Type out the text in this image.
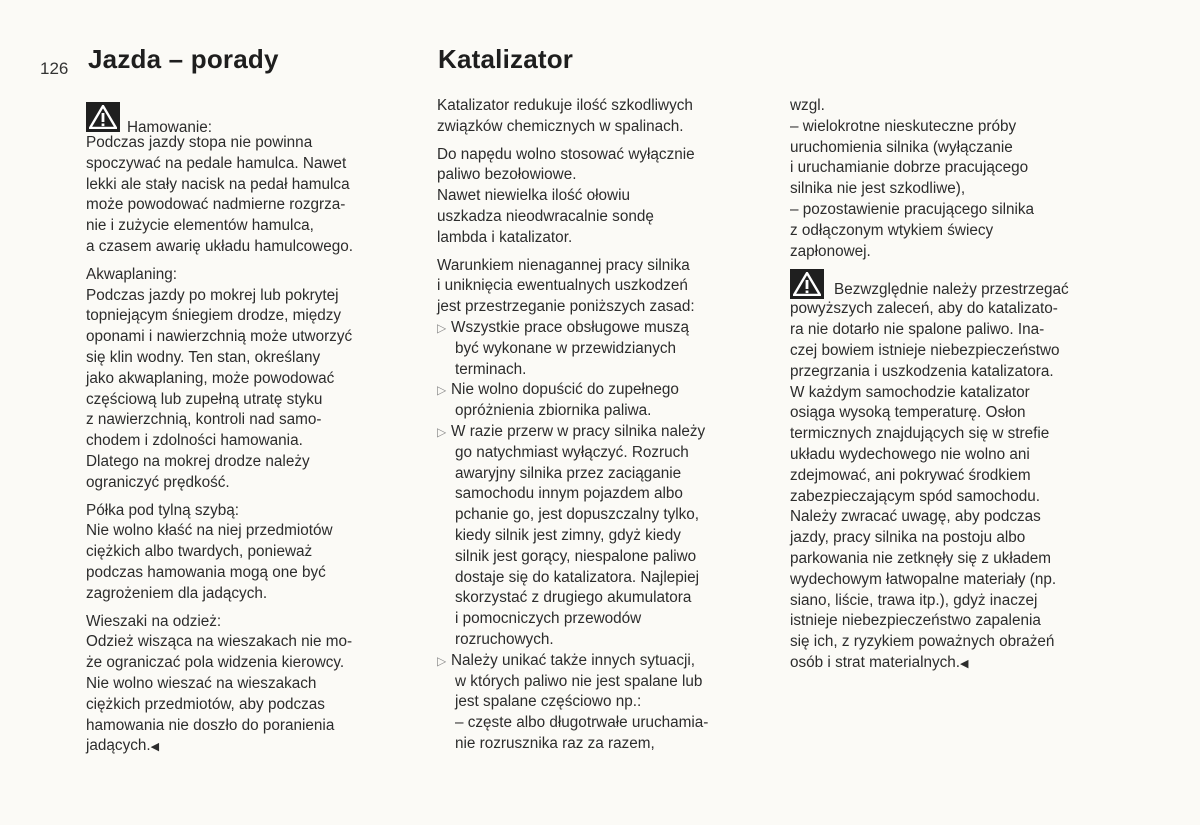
126 Jazda – porady	Katalizator
Hamowanie:
Podczas jazdy stopa nie powinna
spoczywać na pedale hamulca. Nawet
lekki ale stały nacisk na pedał hamulca
może powodować nadmierne rozgrza-
nie i zużycie elementów hamulca,
a czasem awarię układu hamulcowego.
Akwaplaning:
Podczas jazdy po mokrej lub pokrytej
topniejącym śniegiem drodze, między
oponami i nawierzchnią może utworzyć
się klin wodny. Ten stan, określany
jako akwaplaning, może powodować
częściową lub zupełną utratę styku
z nawierzchnią, kontroli nad samo-
chodem i zdolności hamowania.
Dlatego na mokrej drodze należy
ograniczyć prędkość.
Półka pod tylną szybą:
Nie wolno kłaść na niej przedmiotów
ciężkich albo twardych, ponieważ
podczas hamowania mogą one być
zagrożeniem dla jadących.
Wieszaki na odzież:
Odzież wisząca na wieszakach nie mo-
że ograniczać pola widzenia kierowcy.
Nie wolno wieszać na wieszakach
ciężkich przedmiotów, aby podczas
hamowania nie doszło do poranienia
jadących.◀
Katalizator redukuje ilość szkodliwych
związków chemicznych w spalinach.
Do napędu wolno stosować wyłącznie
paliwo bezołowiowe.
Nawet niewielka ilość ołowiu
uszkadza nieodwracalnie sondę
lambda i katalizator.
Warunkiem nienagannej pracy silnika
i uniknięcia ewentualnych uszkodzeń
jest przestrzeganie poniższych zasad:
▷ Wszystkie prace obsługowe muszą
być wykonane w przewidzianych
terminach.
▷ Nie wolno dopuścić do zupełnego
opróżnienia zbiornika paliwa.
▷ W razie przerw w pracy silnika należy
go natychmiast wyłączyć. Rozruch
awaryjny silnika przez zaciąganie
samochodu innym pojazdem albo
pchanie go, jest dopuszczalny tylko,
kiedy silnik jest zimny, gdyż kiedy
silnik jest gorący, niespalone paliwo
dostaje się do katalizatora. Najlepiej
skorzystać z drugiego akumulatora
i pomocniczych przewodów
rozruchowych.
▷ Należy unikać także innych sytuacji,
w których paliwo nie jest spalane lub
jest spalane częściowo np.:
– częste albo długotrwałe uruchamia-
nie rozrusznika raz za razem,
wzgl.
– wielokrotne nieskuteczne próby
uruchomienia silnika (wyłączanie
i uruchamianie dobrze pracującego
silnika nie jest szkodliwe),
– pozostawienie pracującego silnika
z odłączonym wtykiem świecy
zapłonowej.
Bezwzględnie należy przestrzegać
powyższych zaleceń, aby do katalizato-
ra nie dotarło nie spalone paliwo. Ina-
czej bowiem istnieje niebezpieczeństwo
przegrzania i uszkodzenia katalizatora.
W każdym samochodzie katalizator
osiąga wysoką temperaturę. Osłon
termicznych znajdujących się w strefie
układu wydechowego nie wolno ani
zdejmować, ani pokrywać środkiem
zabezpieczającym spód samochodu.
Należy zwracać uwagę, aby podczas
jazdy, pracy silnika na postoju albo
parkowania nie zetknęły się z układem
wydechowym łatwopalne materiały (np.
siano, liście, trawa itp.), gdyż inaczej
istnieje niebezpieczeństwo zapalenia
się ich, z ryzykiem poważnych obrażeń
osób i strat materialnych.◀
